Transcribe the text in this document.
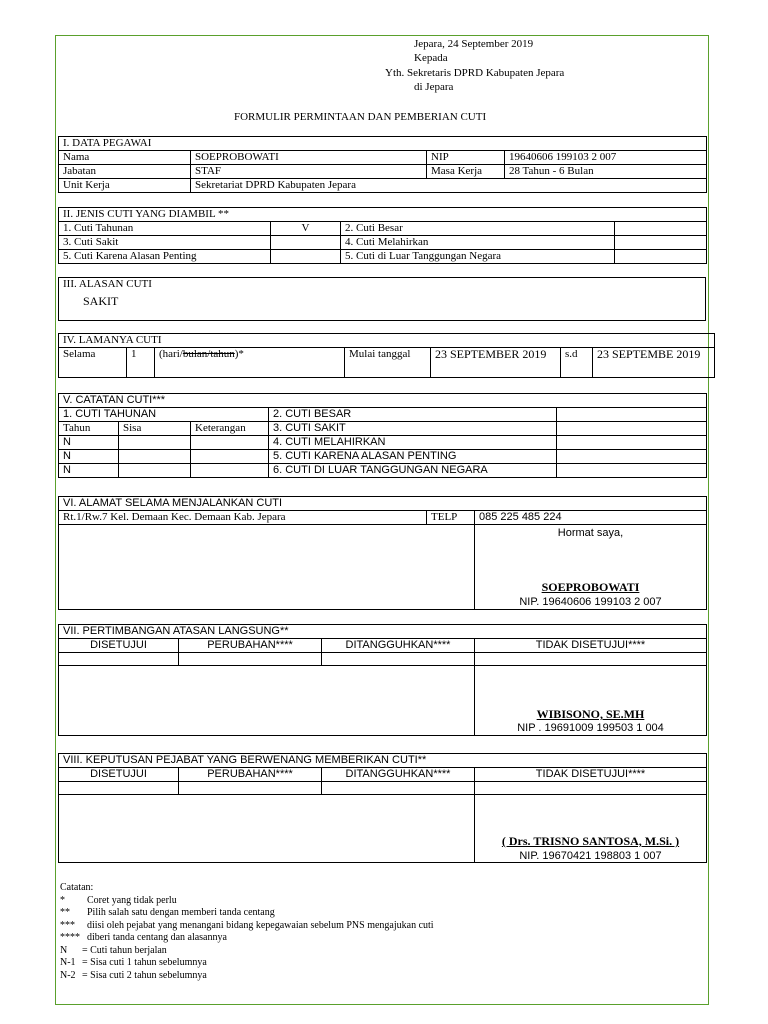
Jepara, 24 September 2019
Kepada
Yth. Sekretaris DPRD Kabupaten Jepara
di Jepara
FORMULIR PERMINTAAN DAN PEMBERIAN CUTI
I. DATA PEGAWAI			
Nama	SOEPROBOWATI	NIP	19640606 199103 2 007
Jabatan	STAF	Masa Kerja	28 Tahun - 6 Bulan
Unit Kerja	Sekretariat DPRD Kabupaten Jepara		
II. JENIS CUTI YANG DIAMBIL **			
1. Cuti Tahunan	V	2. Cuti Besar	
3. Cuti Sakit		4. Cuti Melahirkan	
5. Cuti Karena Alasan Penting		5. Cuti di Luar Tanggungan Negara	
III. ALASAN CUTI
SAKIT
IV. LAMANYA CUTI
Selama	1	(hari/bulan/tahun)*	Mulai tanggal	23 SEPTEMBER 2019	s.d	23 SEPTEMBE 2019
V. CATATAN CUTI***				
1. CUTI TAHUNAN			2. CUTI BESAR	
Tahun	Sisa	Keterangan	3. CUTI SAKIT	
N			4. CUTI MELAHIRKAN	
N			5. CUTI KARENA ALASAN PENTING	
N			6. CUTI DI LUAR TANGGUNGAN NEGARA	
VI. ALAMAT SELAMA MENJALANKAN CUTI		
Rt.1/Rw.7 Kel. Demaan Kec. Demaan Kab. Jepara	TELP	085 225 485 224

		Hormat saya,
SOEPROBOWATI
NIP. 19640606 199103 2 007
VII. PERTIMBANGAN ATASAN LANGSUNG**			
DISETUJUI	PERUBAHAN****	DITANGGUHKAN****	TIDAK DISETUJUI****

			WIBISONO, SE.MH
NIP . 19691009 199503 1 004
VIII. KEPUTUSAN PEJABAT YANG BERWENANG MEMBERIKAN CUTI**			
DISETUJUI	PERUBAHAN****	DITANGGUHKAN****	TIDAK DISETUJUI****

			( Drs. TRISNO SANTOSA, M.Si. )
NIP. 19670421 198803 1 007
Catatan:
* Coret yang tidak perlu
** Pilih salah satu dengan memberi tanda centang
*** diisi oleh pejabat yang menangani bidang kepegawaian sebelum PNS mengajukan cuti
**** diberi tanda centang dan alasannya
N = Cuti tahun berjalan
N-1 = Sisa cuti 1 tahun sebelumnya
N-2 = Sisa cuti 2 tahun sebelumnya
